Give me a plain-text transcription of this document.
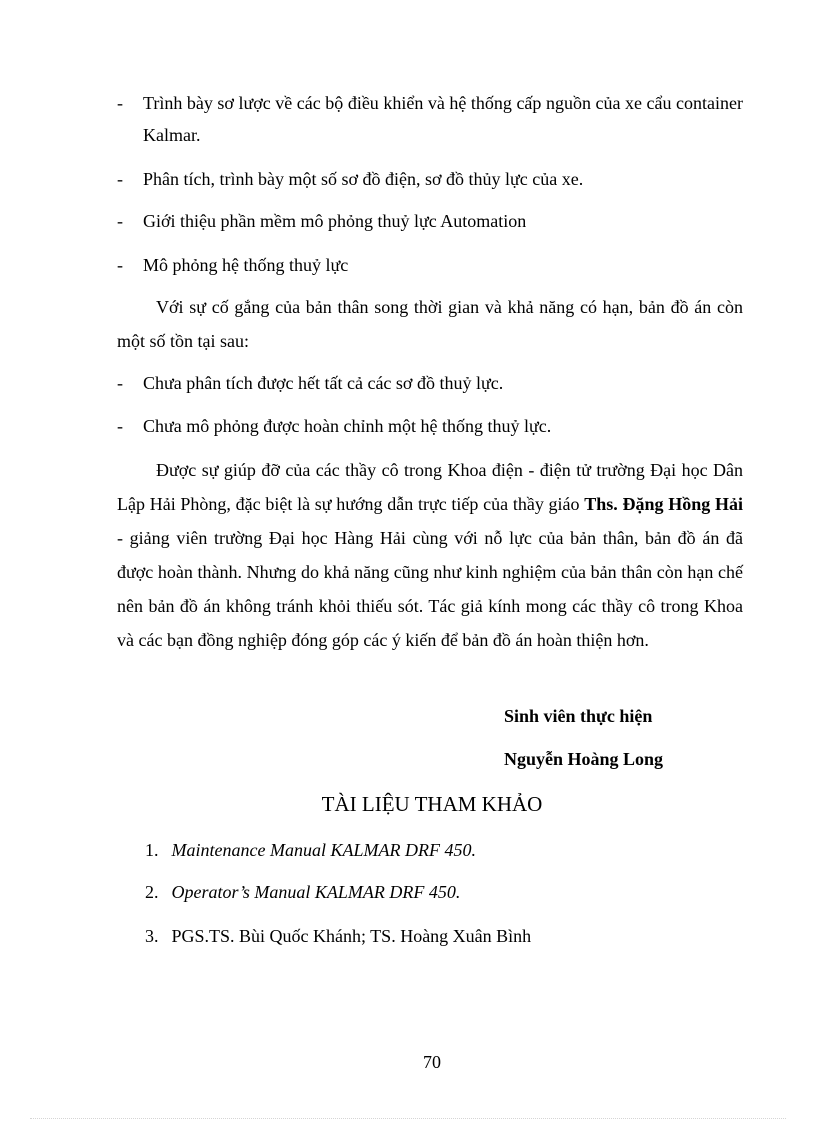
- Trình bày sơ lược về các bộ điều khiển và hệ thống cấp nguồn của xe cẩu container Kalmar.
- Phân tích, trình bày một số sơ đồ điện, sơ đồ thủy lực của xe.
- Giới thiệu phần mềm mô phỏng thuỷ lực Automation
- Mô phỏng hệ thống thuỷ lực
Với sự cố gắng của bản thân song thời gian và khả năng có hạn, bản đồ án còn một số tồn tại sau:
- Chưa phân tích được hết tất cả các sơ đồ thuỷ lực.
- Chưa mô phỏng được hoàn chỉnh một hệ thống thuỷ lực.
Được sự giúp đỡ của các thầy cô trong Khoa điện - điện tử trường Đại học Dân Lập Hải Phòng, đặc biệt là sự hướng dẫn trực tiếp của thầy giáo Ths. Đặng Hồng Hải - giảng viên trường Đại học Hàng Hải cùng với nỗ lực của bản thân, bản đồ án đã được hoàn thành. Nhưng do khả năng cũng như kinh nghiệm của bản thân còn hạn chế nên bản đồ án không tránh khỏi thiếu sót. Tác giả kính mong các thầy cô trong Khoa và các bạn đồng nghiệp đóng góp các ý kiến để bản đồ án hoàn thiện hơn.
Sinh viên thực hiện
Nguyễn Hoàng Long
TÀI LIỆU THAM KHẢO
1. Maintenance Manual KALMAR DRF 450.
2. Operator’s Manual KALMAR DRF 450.
3. PGS.TS. Bùi Quốc Khánh; TS. Hoàng Xuân Bình
70
